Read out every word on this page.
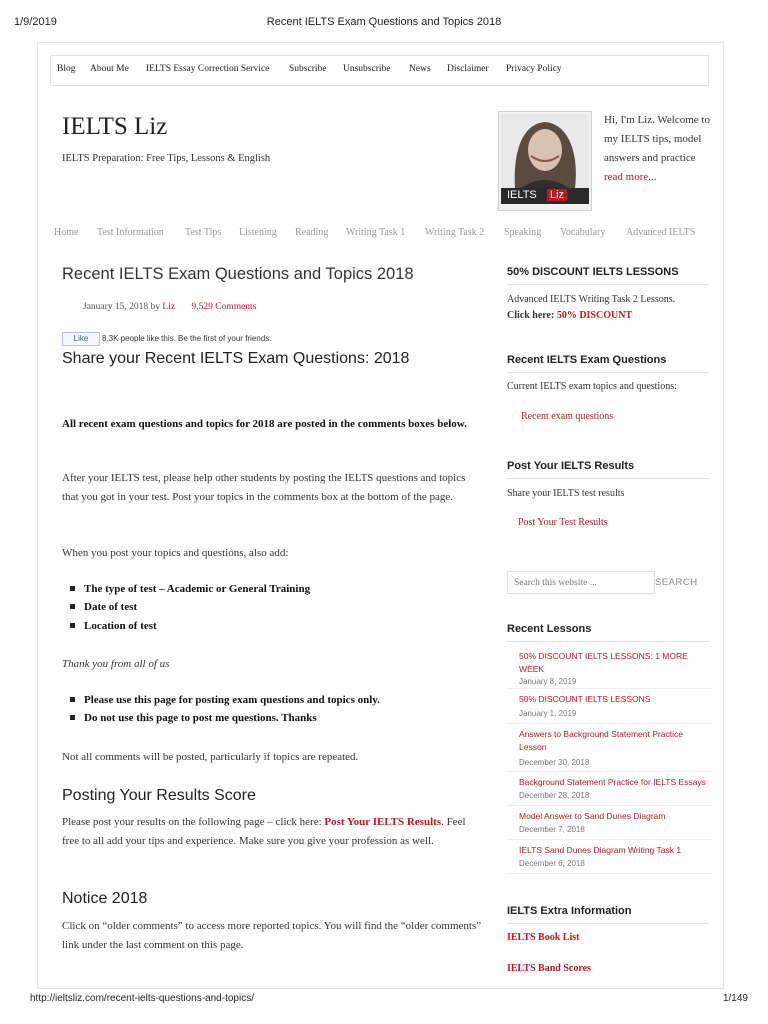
1/9/2019	Recent IELTS Exam Questions and Topics 2018
Blog About Me IELTS Essay Correction Service Subscribe Unsubscribe News Disclaimer Privacy Policy
IELTS Liz
IELTS Preparation: Free Tips, Lessons & English
IELTS Liz
Hi, I'm Liz. Welcome to my IELTS tips, model answers and practice read more...
Home Test Information Test Tips Listening Reading Writing Task 1 Writing Task 2 Speaking Vocabulary Advanced IELTS
Recent IELTS Exam Questions and Topics 2018
January 15, 2018 by Liz 9,529 Comments
Like	8.3K people like this. Be the first of your friends.
Share your Recent IELTS Exam Questions: 2018
All recent exam questions and topics for 2018 are posted in the comments boxes below.
After your IELTS test, please help other students by posting the IELTS questions and topics that you got in your test. Post your topics in the comments box at the bottom of the page.
When you post your topics and questions, also add:
The type of test – Academic or General Training
Date of test
Location of test
Thank you from all of us
Please use this page for posting exam questions and topics only.
Do not use this page to post me questions. Thanks
Not all comments will be posted, particularly if topics are repeated.
Posting Your Results Score
Please post your results on the following page – click here: Post Your IELTS Results. Feel free to all add your tips and experience. Make sure you give your profession as well.
Notice 2018
Click on “older comments” to access more reported topics. You will find the “older comments” link under the last comment on this page.
50% DISCOUNT IELTS LESSONS
Advanced IELTS Writing Task 2 Lessons.
Click here: 50% DISCOUNT
Recent IELTS Exam Questions
Current IELTS exam topics and questions:
Recent exam questions
Post Your IELTS Results
Share your IELTS test results
Post Your Test Results
Search this website ...
SEARCH
Recent Lessons
50% DISCOUNT IELTS LESSONS: 1 MORE WEEK
January 8, 2019
50% DISCOUNT IELTS LESSONS
January 1, 2019
Answers to Background Statement Practice Lesson
December 30, 2018
Background Statement Practice for IELTS Essays
December 28, 2018
Model Answer to Sand Dunes Diagram
December 7, 2018
IELTS Sand Dunes Diagram Writing Task 1
December 6, 2018
IELTS Extra Information
IELTS Book List
IELTS Band Scores
http://ieltsliz.com/recent-ielts-questions-and-topics/	1/149
